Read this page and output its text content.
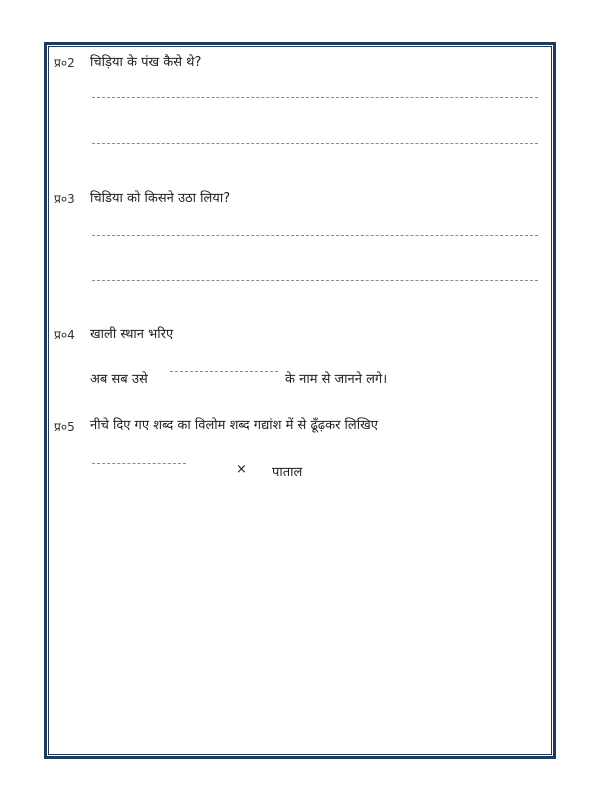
प्र०2 चिड़िया के पंख कैसे थे?
प्र०3 चिडिया को किसने उठा लिया?
प्र०4 खाली स्थान भरिए
अब सब उसे	के नाम से जानने लगे।
प्र०5 नीचे दिए गए शब्द का विलोम शब्द गद्यांश में से ढूँढ़कर लिखिए
× पाताल
